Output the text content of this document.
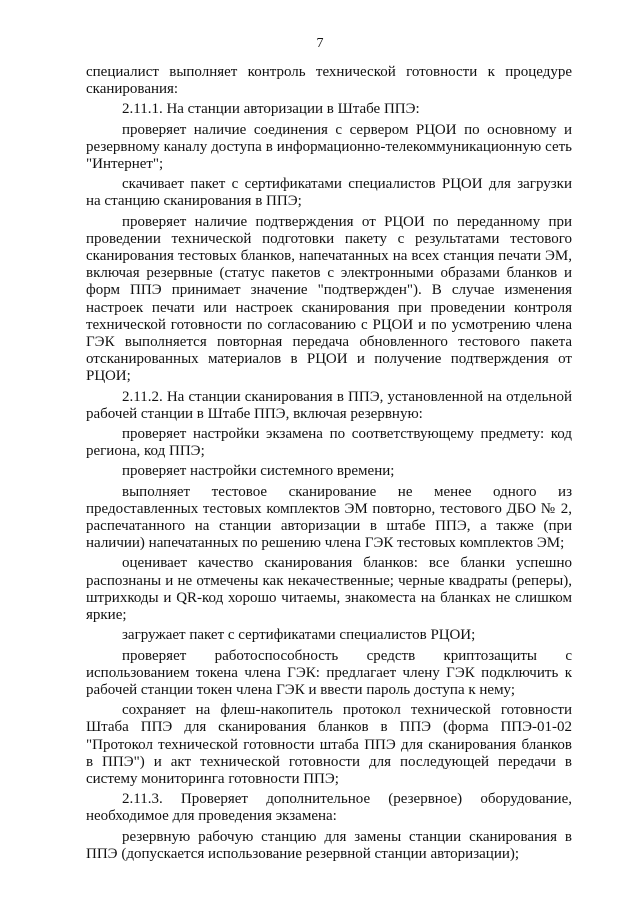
7

специалист выполняет контроль технической готовности к процедуре сканирования:

2.11.1. На станции авторизации в Штабе ППЭ:

проверяет наличие соединения с сервером РЦОИ по основному и резервному каналу доступа в информационно-телекоммуникационную сеть "Интернет";

скачивает пакет с сертификатами специалистов РЦОИ для загрузки на станцию сканирования в ППЭ;

проверяет наличие подтверждения от РЦОИ по переданному при проведении технической подготовки пакету с результатами тестового сканирования тестовых бланков, напечатанных на всех станция печати ЭМ, включая резервные (статус пакетов с электронными образами бланков и форм ППЭ принимает значение "подтвержден"). В случае изменения настроек печати или настроек сканирования при проведении контроля технической готовности по согласованию с РЦОИ и по усмотрению члена ГЭК выполняется повторная передача обновленного тестового пакета отсканированных материалов в РЦОИ и получение подтверждения от РЦОИ;

2.11.2. На станции сканирования в ППЭ, установленной на отдельной рабочей станции в Штабе ППЭ, включая резервную:

проверяет настройки экзамена по соответствующему предмету: код региона, код ППЭ;

проверяет настройки системного времени;

выполняет тестовое сканирование не менее одного из предоставленных тестовых комплектов ЭМ повторно, тестового ДБО № 2, распечатанного на станции авторизации в штабе ППЭ, а также (при наличии) напечатанных по решению члена ГЭК тестовых комплектов ЭМ;

оценивает качество сканирования бланков: все бланки успешно распознаны и не отмечены как некачественные; черные квадраты (реперы), штрихкоды и QR-код хорошо читаемы, знакоместа на бланках не слишком яркие;

загружает пакет с сертификатами специалистов РЦОИ;

проверяет работоспособность средств криптозащиты с использованием токена члена ГЭК: предлагает члену ГЭК подключить к рабочей станции токен члена ГЭК и ввести пароль доступа к нему;

сохраняет на флеш-накопитель протокол технической готовности Штаба ППЭ для сканирования бланков в ППЭ (форма ППЭ-01-02 "Протокол технической готовности штаба ППЭ для сканирования бланков в ППЭ") и акт технической готовности для последующей передачи в систему мониторинга готовности ППЭ;

2.11.3. Проверяет дополнительное (резервное) оборудование, необходимое для проведения экзамена:

резервную рабочую станцию для замены станции сканирования в ППЭ (допускается использование резервной станции авторизации);
